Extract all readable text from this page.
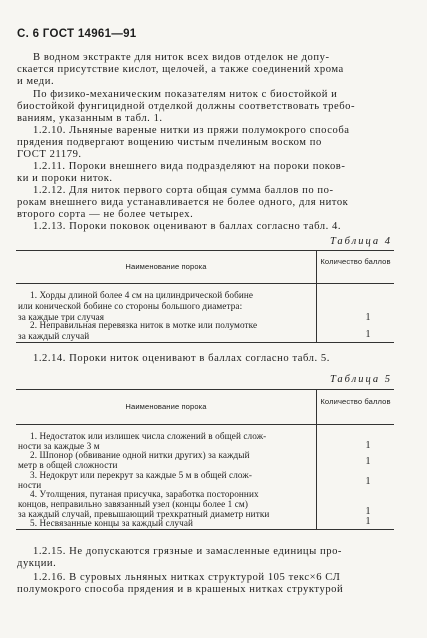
С. 6 ГОСТ 14961—91
В водном экстракте для ниток всех видов отделок не допу-
скается присутствие кислот, щелочей, а также соединений хрома
и меди.
По физико-механическим показателям ниток с биостойкой и
биостойкой фунгицидной отделкой должны соответствовать требо-
ваниям, указанным в табл. 1.
1.2.10. Льняные вареные нитки из пряжи полумокрого способа
прядения подвергают вощению чистым пчелиным воском по
ГОСТ 21179.
1.2.11. Пороки внешнего вида подразделяют на пороки поков-
ки и пороки ниток.
1.2.12. Для ниток первого сорта общая сумма баллов по по-
рокам внешнего вида устанавливается не более одного, для ниток
второго сорта — не более четырех.
1.2.13. Пороки поковок оценивают в баллах согласно табл. 4.
Таблица 4
Наименование порока
Количество баллов
1. Хорды длиной более 4 см на цилиндрической бобине
или конической бобине со стороны большого диаметра:
за каждые три случая	1
2. Неправильная перевязка ниток в мотке или полумотке
за каждый случай	1
1.2.14. Пороки ниток оценивают в баллах согласно табл. 5.
Таблица 5
Наименование порока
Количество баллов
1. Недостаток или излишек числа сложений в общей слож-
ности за каждые 3 м	1
2. Шпонор (обвивание одной нитки других) за каждый
метр в общей сложности	1
3. Недокрут или перекрут за каждые 5 м в общей слож-
ности	1
4. Утолщения, путаная присучка, заработка посторонних
концов, неправильно завязанный узел (концы более 1 см)
за каждый случай, превышающий трехкратный диаметр нитки	1
5. Несвязанные концы за каждый случай	1
1.2.15. Не допускаются грязные и замасленные единицы про-
дукции.
1.2.16. В суровых льняных нитках структурой 105 текс×6 СЛ
полумокрого способа прядения и в крашеных нитках структурой
